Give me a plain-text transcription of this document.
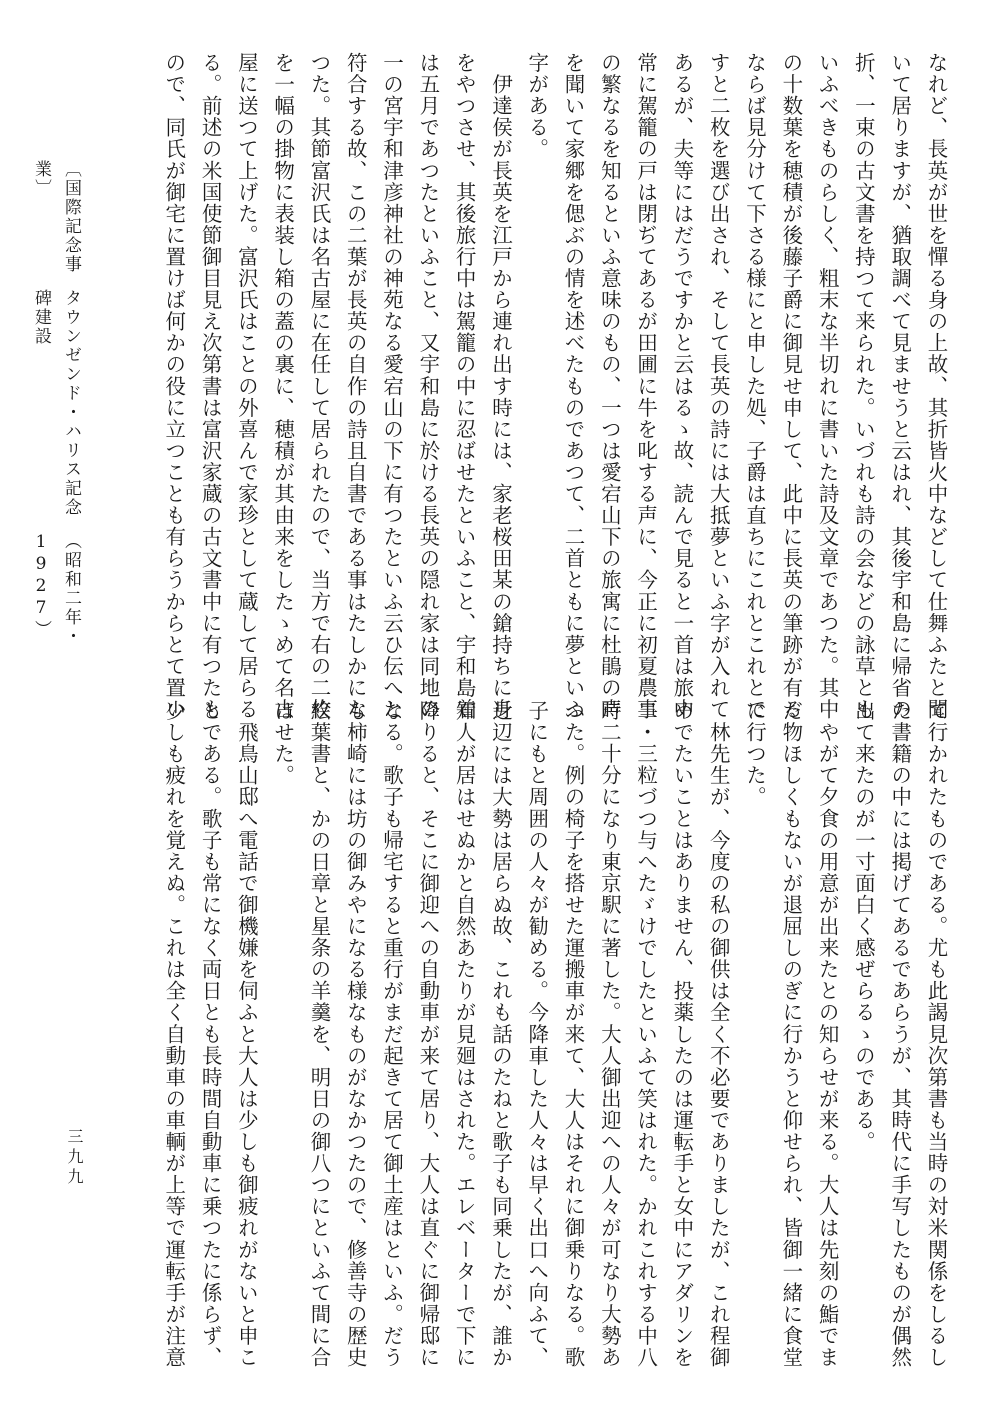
なれど、長英が世を憚る身の上故、其折皆火中などして仕舞ふたと聞
いて居りますが、猶取調べて見ませうと云はれ、其後宇和島に帰省の
折、一束の古文書を持つて来られた。いづれも詩の会などの詠草とも
いふべきものらしく、粗末な半切れに書いた詩及文章であつた。其中
の十数葉を穂積が後藤子爵に御見せ申して、此中に長英の筆跡が有る
ならば見分けて下さる様にと申した処、子爵は直ちにこれとこれとで
すと二枚を選び出され、そして長英の詩には大抵夢といふ字が入れて
あるが、夫等にはだうですかと云はるゝ故、読んで見ると一首は旅中
常に駕籠の戸は閉ぢてあるが田圃に牛を叱する声に、今正に初夏農事
の繁なるを知るといふ意味のもの、一つは愛宕山下の旅寓に杜鵑の声
を聞いて家郷を偲ぶの情を述べたものであつて、二首ともに夢といふ
字がある。
　伊達侯が長英を江戸から連れ出す時には、家老桜田某の鎗持ちに身
をやつさせ、其後旅行中は駕籠の中に忍ばせたといふこと、宇和島着
は五月であつたといふこと、又宇和島に於ける長英の隠れ家は同地の
一の宮宇和津彦神社の神苑なる愛宕山の下に有つたといふ云ひ伝へと
符合する故、この二葉が長英の自作の詩且自書である事はたしかにな
つた。其節富沢氏は名古屋に在任して居られたので、当方で右の二枚
を一幅の掛物に表装し箱の蓋の裏に、穂積が其由来をしたゝめて名古
屋に送つて上げた。富沢氏はことの外喜んで家珍として蔵して居らる
る。前述の米国使節御目見え次第書は富沢家蔵の古文書中に有つたも
ので、同氏が御宅に置けば何かの役に立つことも有らうからとて置い
て行かれたものである。尤も此謁見次第書も当時の対米関係をしるし
た書籍の中には掲げてあるであらうが、其時代に手写したものが偶然
出て来たのが一寸面白く感ぜらるゝのである。
　やがて夕食の用意が出来たとの知らせが来る。大人は先刻の鮨でま
だ物ほしくもないが退屈しのぎに行かうと仰せられ、皆御一緒に食堂
に行つた。
　林先生が、今度の私の御供は全く不必要でありましたが、これ程御
めでたいことはありません、投薬したのは運転手と女中にアダリンを
二・三粒づつ与へたゞけでしたといふて笑はれた。かれこれする中八
時二十分になり東京駅に著した。大人御出迎への人々が可なり大勢あ
つた。例の椅子を搭せた運搬車が来て、大人はそれに御乗りなる。歌
子にもと周囲の人々が勧める。今降車した人々は早く出口へ向ふて、
近辺には大勢は居らぬ故、これも話のたねと歌子も同乗したが、誰か
知人が居はせぬかと自然あたりが見廻はされた。エレベーターで下に
降りると、そこに御迎への自動車が来て居り、大人は直ぐに御帰邸に
なる。歌子も帰宅すると重行がまだ起きて居て御土産はといふ。だう
も柿崎には坊の御みやになる様なものがなかつたので、修善寺の歴史
絵葉書と、かの日章と星条の羊羹を、明日の御八つにといふて間に合
はせた。
　飛鳥山邸へ電話で御機嫌を伺ふと大人は少しも御疲れがないと申こ
とである。歌子も常になく両日とも長時間自動車に乗つたに係らず、
少しも疲れを覚えぬ。これは全く自動車の車輌が上等で運転手が注意
〔国際記念事業〕
タウンゼンド・ハリス記念碑建設
（昭和二年・1927）
三九九
